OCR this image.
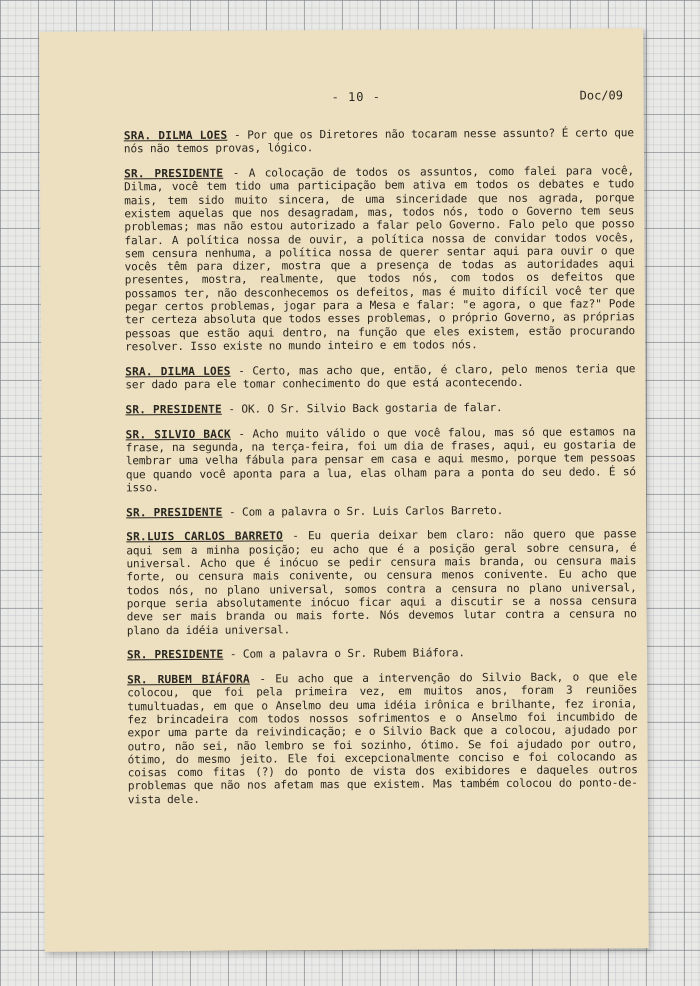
- 10 -	Doc/09

SRA. DILMA LOES - Por que os Diretores não tocaram nesse assunto? É certo que nós não temos provas, lógico.

SR. PRESIDENTE - A colocação de todos os assuntos, como falei para você, Dilma, você tem tido uma participação bem ativa em todos os debates e tudo mais, tem sido muito sincera, de uma sinceridade que nos agrada, porque existem aquelas que nos desagradam, mas, todos nós, todo o Governo tem seus problemas; mas não estou autorizado a falar pelo Governo. Falo pelo que posso falar. A política nossa de ouvir, a política nossa de convidar todos vocês, sem censura nenhuma, a política nossa de querer sentar aqui para ouvir o que vocês têm para dizer, mostra que a presença de todas as autoridades aqui presentes, mostra, realmente, que todos nós, com todos os defeitos que possamos ter, não desconhecemos os defeitos, mas é muito difícil você ter que pegar certos problemas, jogar para a Mesa e falar: "e agora, o que faz?" Pode ter certeza absoluta que todos esses problemas, o próprio Governo, as próprias pessoas que estão aqui dentro, na função que eles existem, estão procurando resolver. Isso existe no mundo inteiro e em todos nós.

SRA. DILMA LOES - Certo, mas acho que, então, é claro, pelo menos teria que ser dado para ele tomar conhecimento do que está acontecendo.

SR. PRESIDENTE - OK. O Sr. Silvio Back gostaria de falar.

SR. SILVIO BACK - Acho muito válido o que você falou, mas só que estamos na frase, na segunda, na terça-feira, foi um dia de frases, aqui, eu gostaria de lembrar uma velha fábula para pensar em casa e aqui mesmo, porque tem pessoas que quando você aponta para a lua, elas olham para a ponta do seu dedo. É só isso.

SR. PRESIDENTE - Com a palavra o Sr. Luis Carlos Barreto.

SR.LUIS CARLOS BARRETO - Eu queria deixar bem claro: não quero que passe aqui sem a minha posição; eu acho que é a posição geral sobre censura, é universal. Acho que é inócuo se pedir censura mais branda, ou censura mais forte, ou censura mais conivente, ou censura menos conivente. Eu acho que todos nós, no plano universal, somos contra a censura no plano universal, porque seria absolutamente inócuo ficar aqui a discutir se a nossa censura deve ser mais branda ou mais forte. Nós devemos lutar contra a censura no plano da idéia universal.

SR. PRESIDENTE - Com a palavra o Sr. Rubem Biáfora.

SR. RUBEM BIÁFORA - Eu acho que a intervenção do Silvio Back, o que ele colocou, que foi pela primeira vez, em muitos anos, foram 3 reuniões tumultuadas, em que o Anselmo deu uma idéia irônica e brilhante, fez ironia, fez brincadeira com todos nossos sofrimentos e o Anselmo foi incumbido de expor uma parte da reivindicação; e o Silvio Back que a colocou, ajudado por outro, não sei, não lembro se foi sozinho, ótimo. Se foi ajudado por outro, ótimo, do mesmo jeito. Ele foi excepcionalmente conciso e foi colocando as coisas como fitas (?) do ponto de vista dos exibidores e daqueles outros problemas que não nos afetam mas que existem. Mas também colocou do ponto-de-vista dele.
